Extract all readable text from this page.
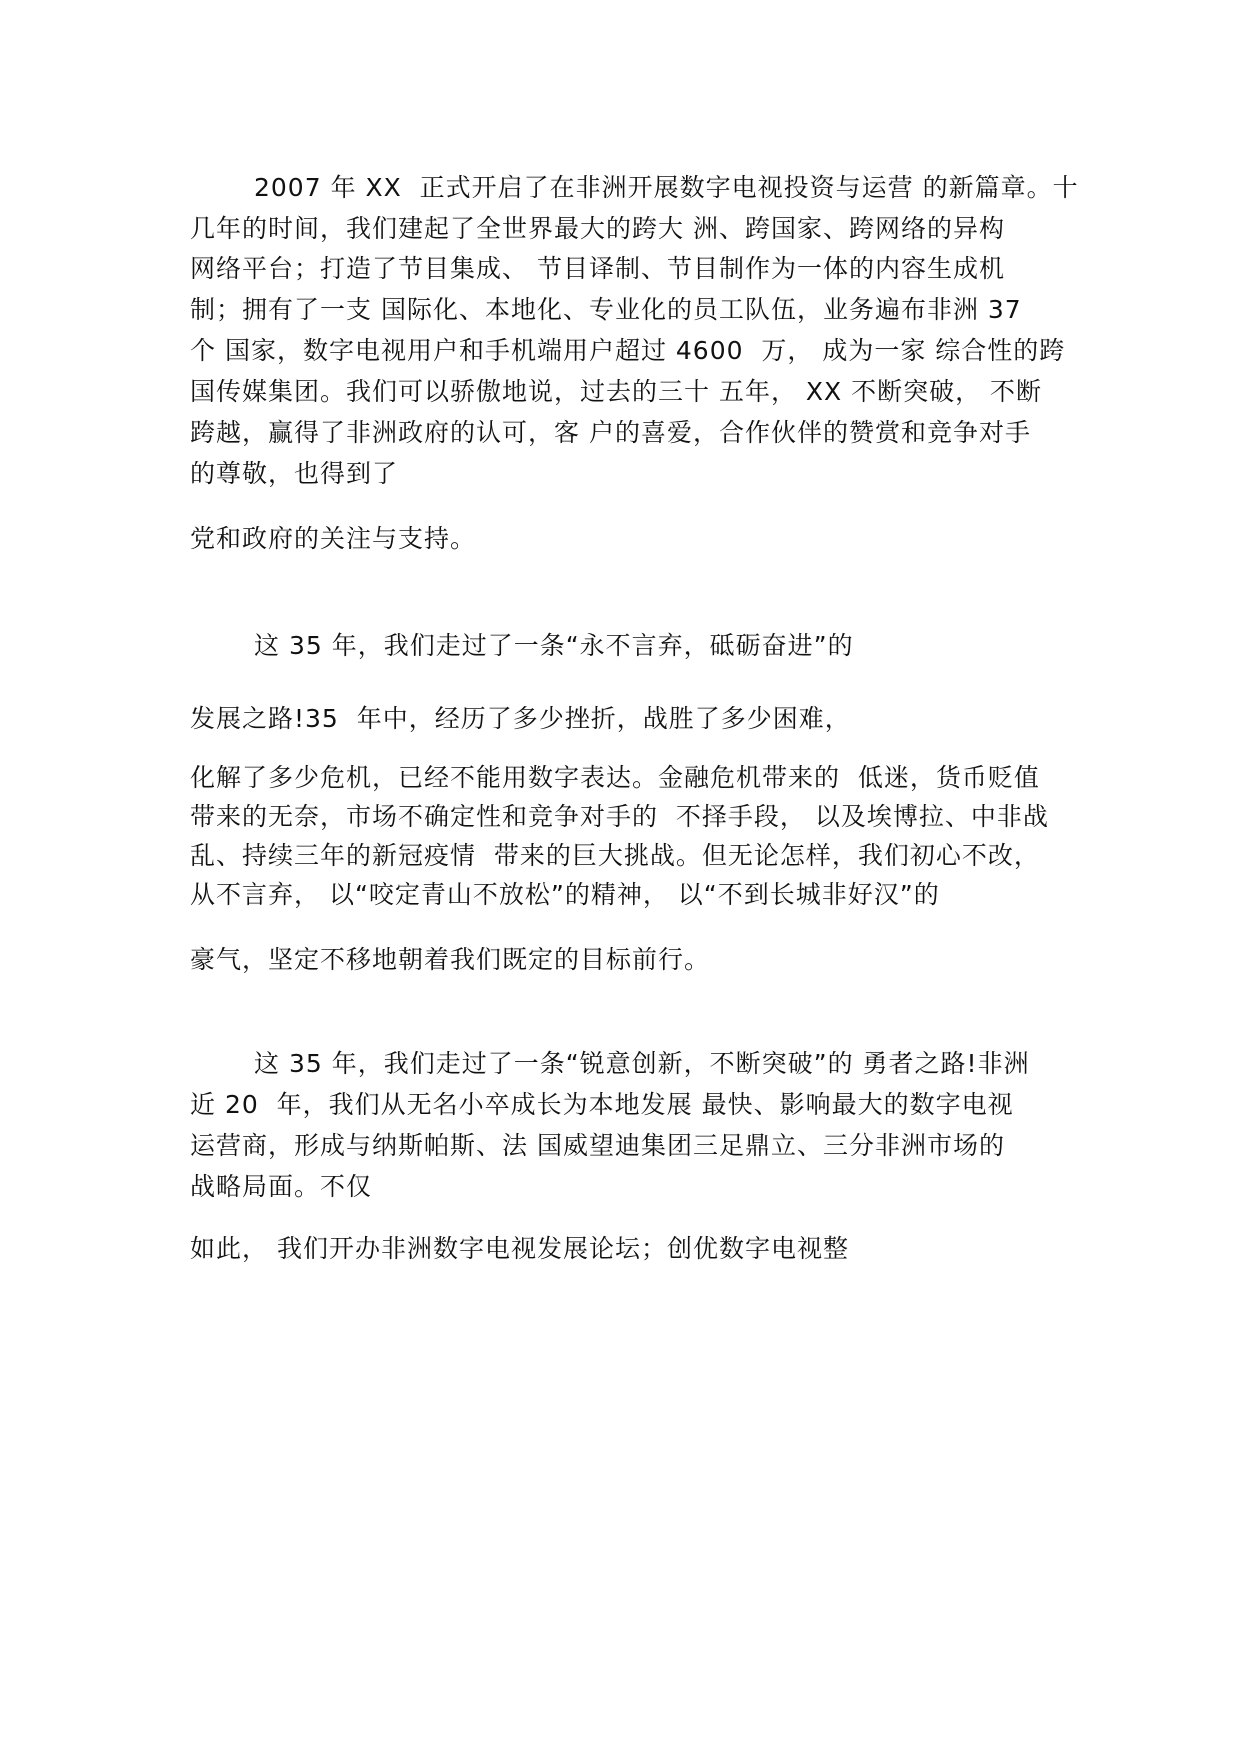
2007 年 XX  正式开启了在非洲开展数字电视投资与运营 的新篇章。十
几年的时间，我们建起了全世界最大的跨大 洲、跨国家、跨网络的异构
网络平台；打造了节目集成、 节目译制、节目制作为一体的内容生成机
制；拥有了一支 国际化、本地化、专业化的员工队伍，业务遍布非洲 37
个 国家，数字电视用户和手机端用户超过 4600  万， 成为一家 综合性的跨
国传媒集团。我们可以骄傲地说，过去的三十 五年， XX 不断突破， 不断
跨越，赢得了非洲政府的认可，客 户的喜爱，合作伙伴的赞赏和竞争对手
的尊敬，也得到了
党和政府的关注与支持。
这 35 年，我们走过了一条“永不言弃，砥砺奋进”的
发展之路!35  年中，经历了多少挫折，战胜了多少困难，
化解了多少危机，已经不能用数字表达。金融危机带来的  低迷，货币贬值
带来的无奈，市场不确定性和竞争对手的  不择手段， 以及埃博拉、中非战
乱、持续三年的新冠疫情  带来的巨大挑战。但无论怎样，我们初心不改，
从不言弃， 以“咬定青山不放松”的精神， 以“不到长城非好汉”的
豪气，坚定不移地朝着我们既定的目标前行。
这 35 年，我们走过了一条“锐意创新，不断突破”的 勇者之路!非洲
近 20  年，我们从无名小卒成长为本地发展 最快、影响最大的数字电视
运营商，形成与纳斯帕斯、法 国威望迪集团三足鼎立、三分非洲市场的
战略局面。不仅
如此， 我们开办非洲数字电视发展论坛；创优数字电视整
